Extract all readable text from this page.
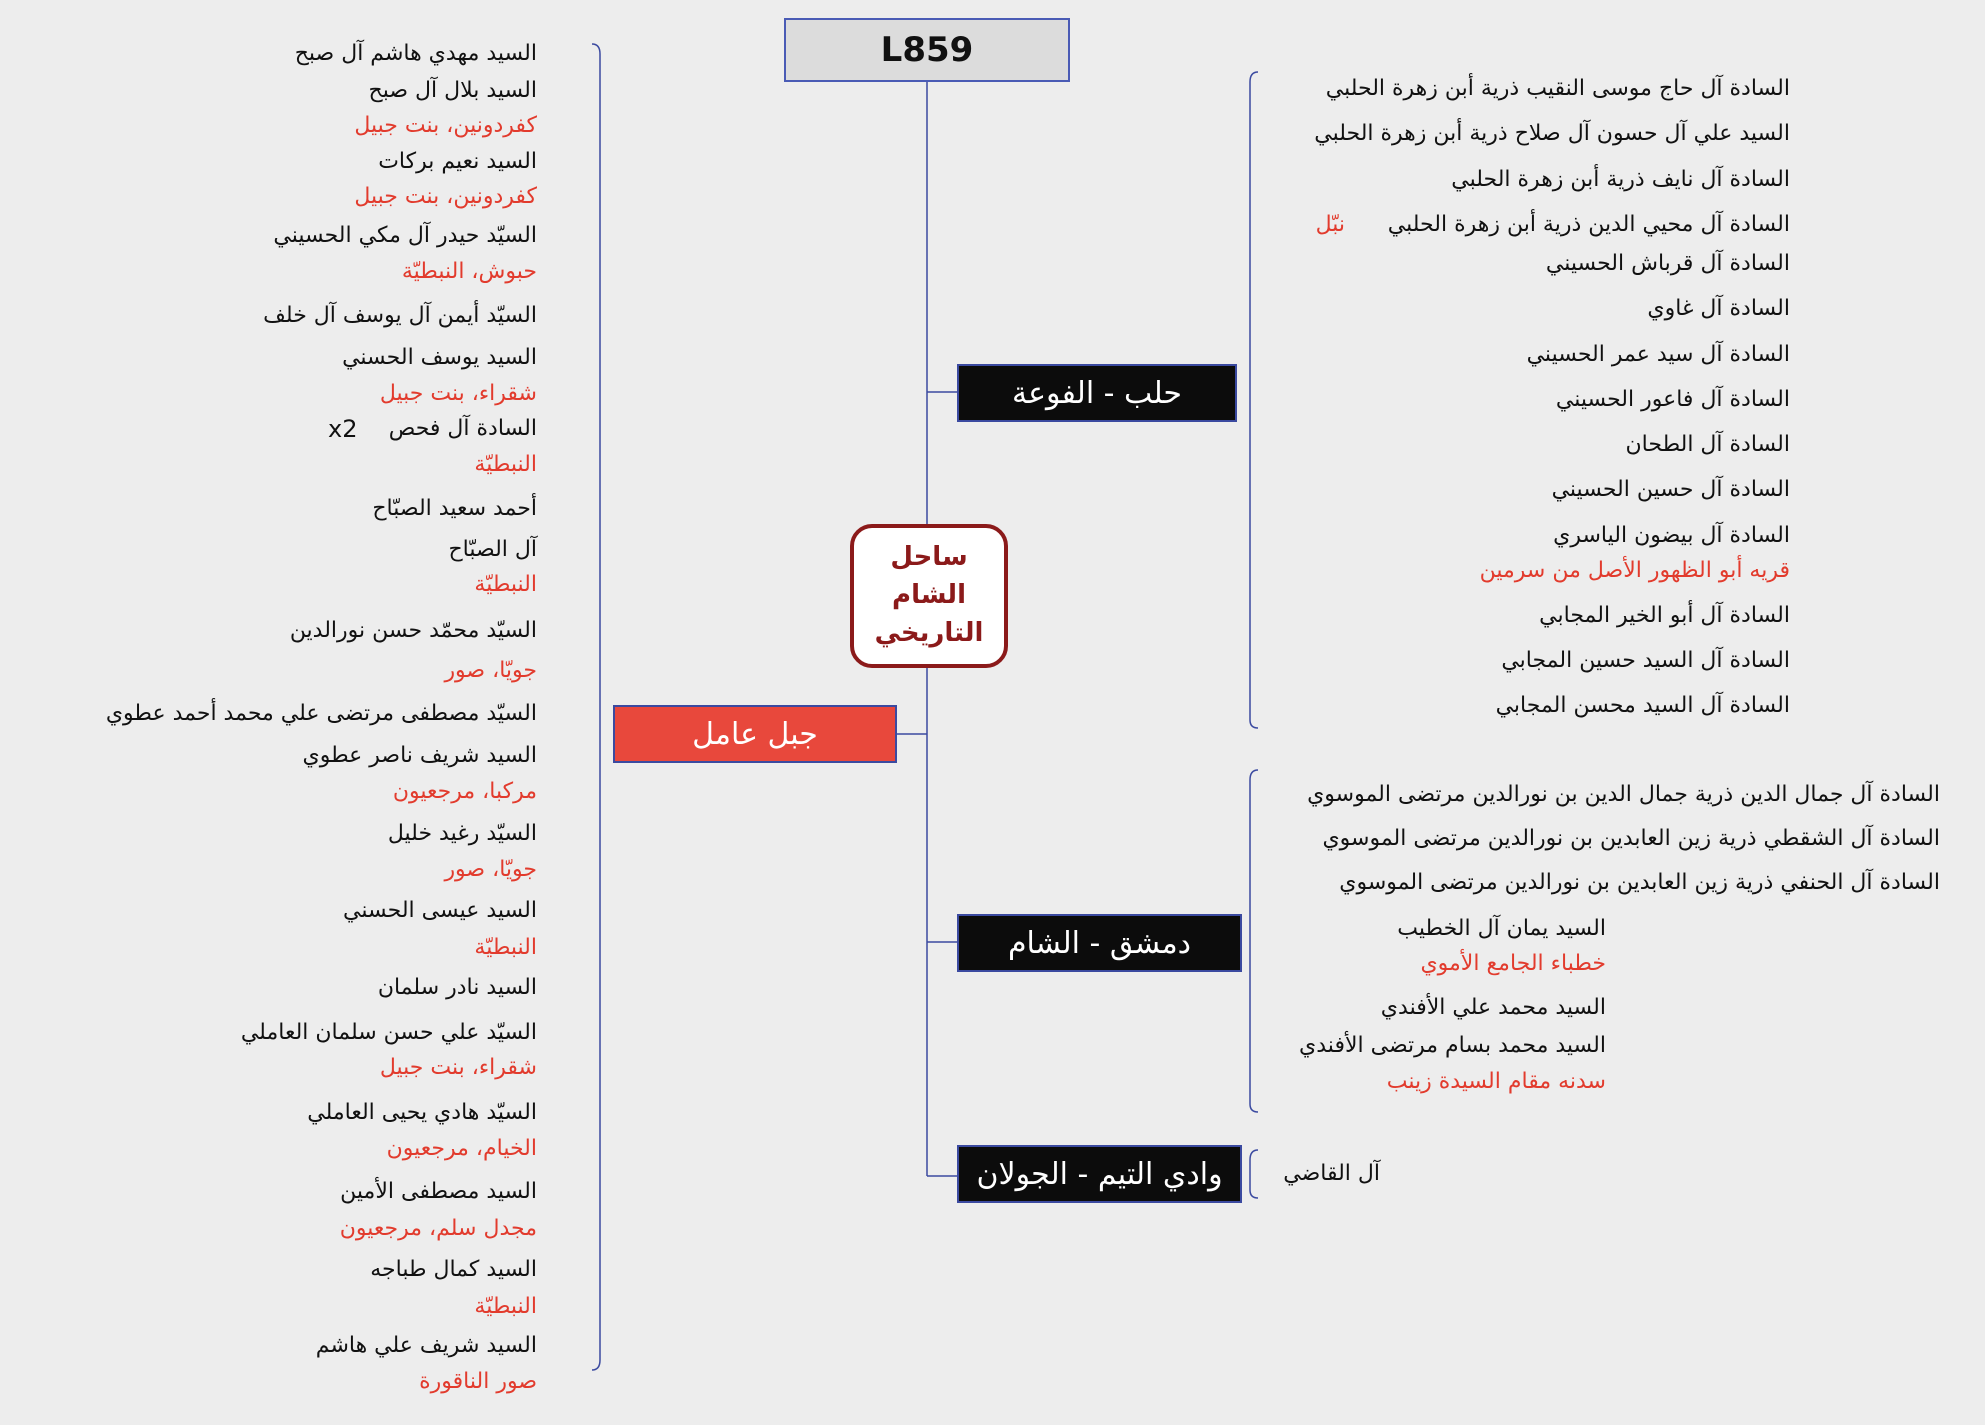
L859
ساحل
الشام
التاريخي
حلب - الفوعة
دمشق - الشام
وادي التيم - الجولان
جبل عامل
السادة آل حاج موسى النقيب ذرية أبن زهرة الحلبي
السيد علي آل حسون آل صلاح ذرية أبن زهرة الحلبي
السادة آل نايف ذرية أبن زهرة الحلبي
السادة آل محيي الدين ذرية أبن زهرة الحلبي
نبّل
السادة آل قرباش الحسيني
السادة آل غاوي
السادة آل سيد عمر الحسيني
السادة آل فاعور الحسيني
السادة آل الطحان
السادة آل حسين الحسيني
السادة آل بيضون الياسري
قريه أبو الظهور الأصل من سرمين
السادة آل أبو الخير المجابي
السادة آل السيد حسين المجابي
السادة آل السيد محسن المجابي
السادة آل جمال الدين ذرية جمال الدين بن نورالدين مرتضى الموسوي
السادة آل الشقطي ذرية زين العابدين بن نورالدين مرتضى الموسوي
السادة آل الحنفي ذرية زين العابدين بن نورالدين مرتضى الموسوي
السيد يمان آل الخطيب
خطباء الجامع الأموي
السيد محمد علي الأفندي
السيد محمد بسام مرتضى الأفندي
سدنه مقام السيدة زينب
آل القاضي
السيد مهدي هاشم آل صبح
السيد بلال آل صبح
كفردونين، بنت جبيل
السيد نعيم بركات
كفردونين، بنت جبيل
السيّد حيدر آل مكي الحسيني
حبوش، النبطيّة
السيّد أيمن آل يوسف آل خلف
السيد يوسف الحسني
شقراء، بنت جبيل
السادة آل فحص
x2
النبطيّة
أحمد سعيد الصبّاح
آل الصبّاح
النبطيّة
السيّد محمّد حسن نورالدين
جويّا، صور
السيّد مصطفى مرتضى علي محمد أحمد عطوي
السيد شريف ناصر عطوي
مركبا، مرجعيون
السيّد رغيد خليل
جويّا، صور
السيد عيسى الحسني
النبطيّة
السيد نادر سلمان
السيّد علي حسن سلمان العاملي
شقراء، بنت جبيل
السيّد هادي يحيى العاملي
الخيام، مرجعيون
السيد مصطفى الأمين
مجدل سلم، مرجعيون
السيد كمال طباجه
النبطيّة
السيد شريف علي هاشم
صور الناقورة
